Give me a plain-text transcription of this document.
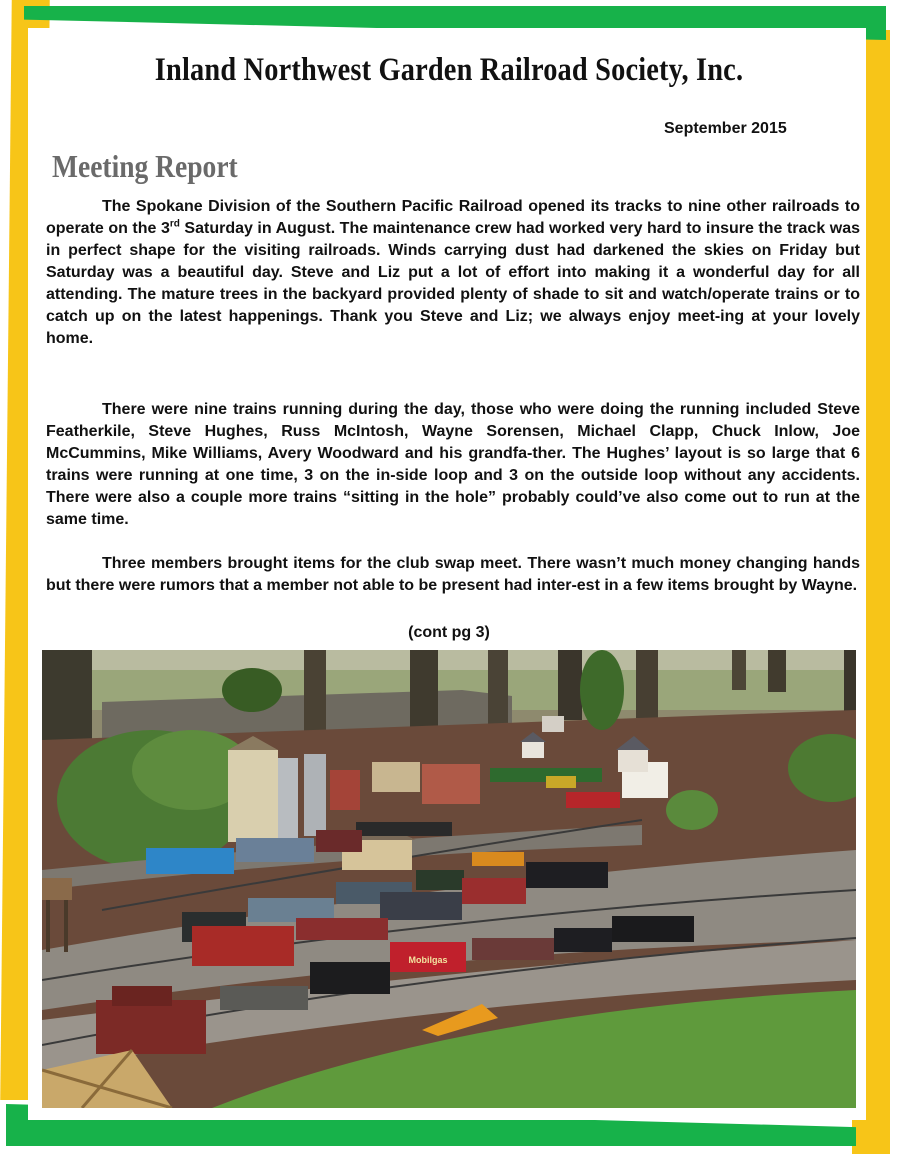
Inland Northwest Garden Railroad Society, Inc.
September 2015
Meeting Report

The Spokane Division of the Southern Pacific Railroad opened its tracks to nine other railroads to operate on the 3rd Saturday in August. The maintenance crew had worked very hard to insure the track was in perfect shape for the visiting railroads. Winds carrying dust had darkened the skies on Friday but Saturday was a beautiful day. Steve and Liz put a lot of effort into making it a wonderful day for all attending. The mature trees in the backyard provided plenty of shade to sit and watch/operate trains or to catch up on the latest happenings. Thank you Steve and Liz; we always enjoy meet-ing at your lovely home.

There were nine trains running during the day, those who were doing the running included Steve Featherkile, Steve Hughes, Russ McIntosh, Wayne Sorensen, Michael Clapp, Chuck Inlow, Joe McCummins, Mike Williams, Avery Woodward and his grandfa-ther. The Hughes’ layout is so large that 6 trains were running at one time, 3 on the in-side loop and 3 on the outside loop without any accidents. There were also a couple more trains “sitting in the hole” probably could’ve also come out to run at the same time.

Three members brought items for the club swap meet. There wasn’t much money changing hands but there were rumors that a member not able to be present had inter-est in a few items brought by Wayne.

(cont pg 3)
Mobilgas
